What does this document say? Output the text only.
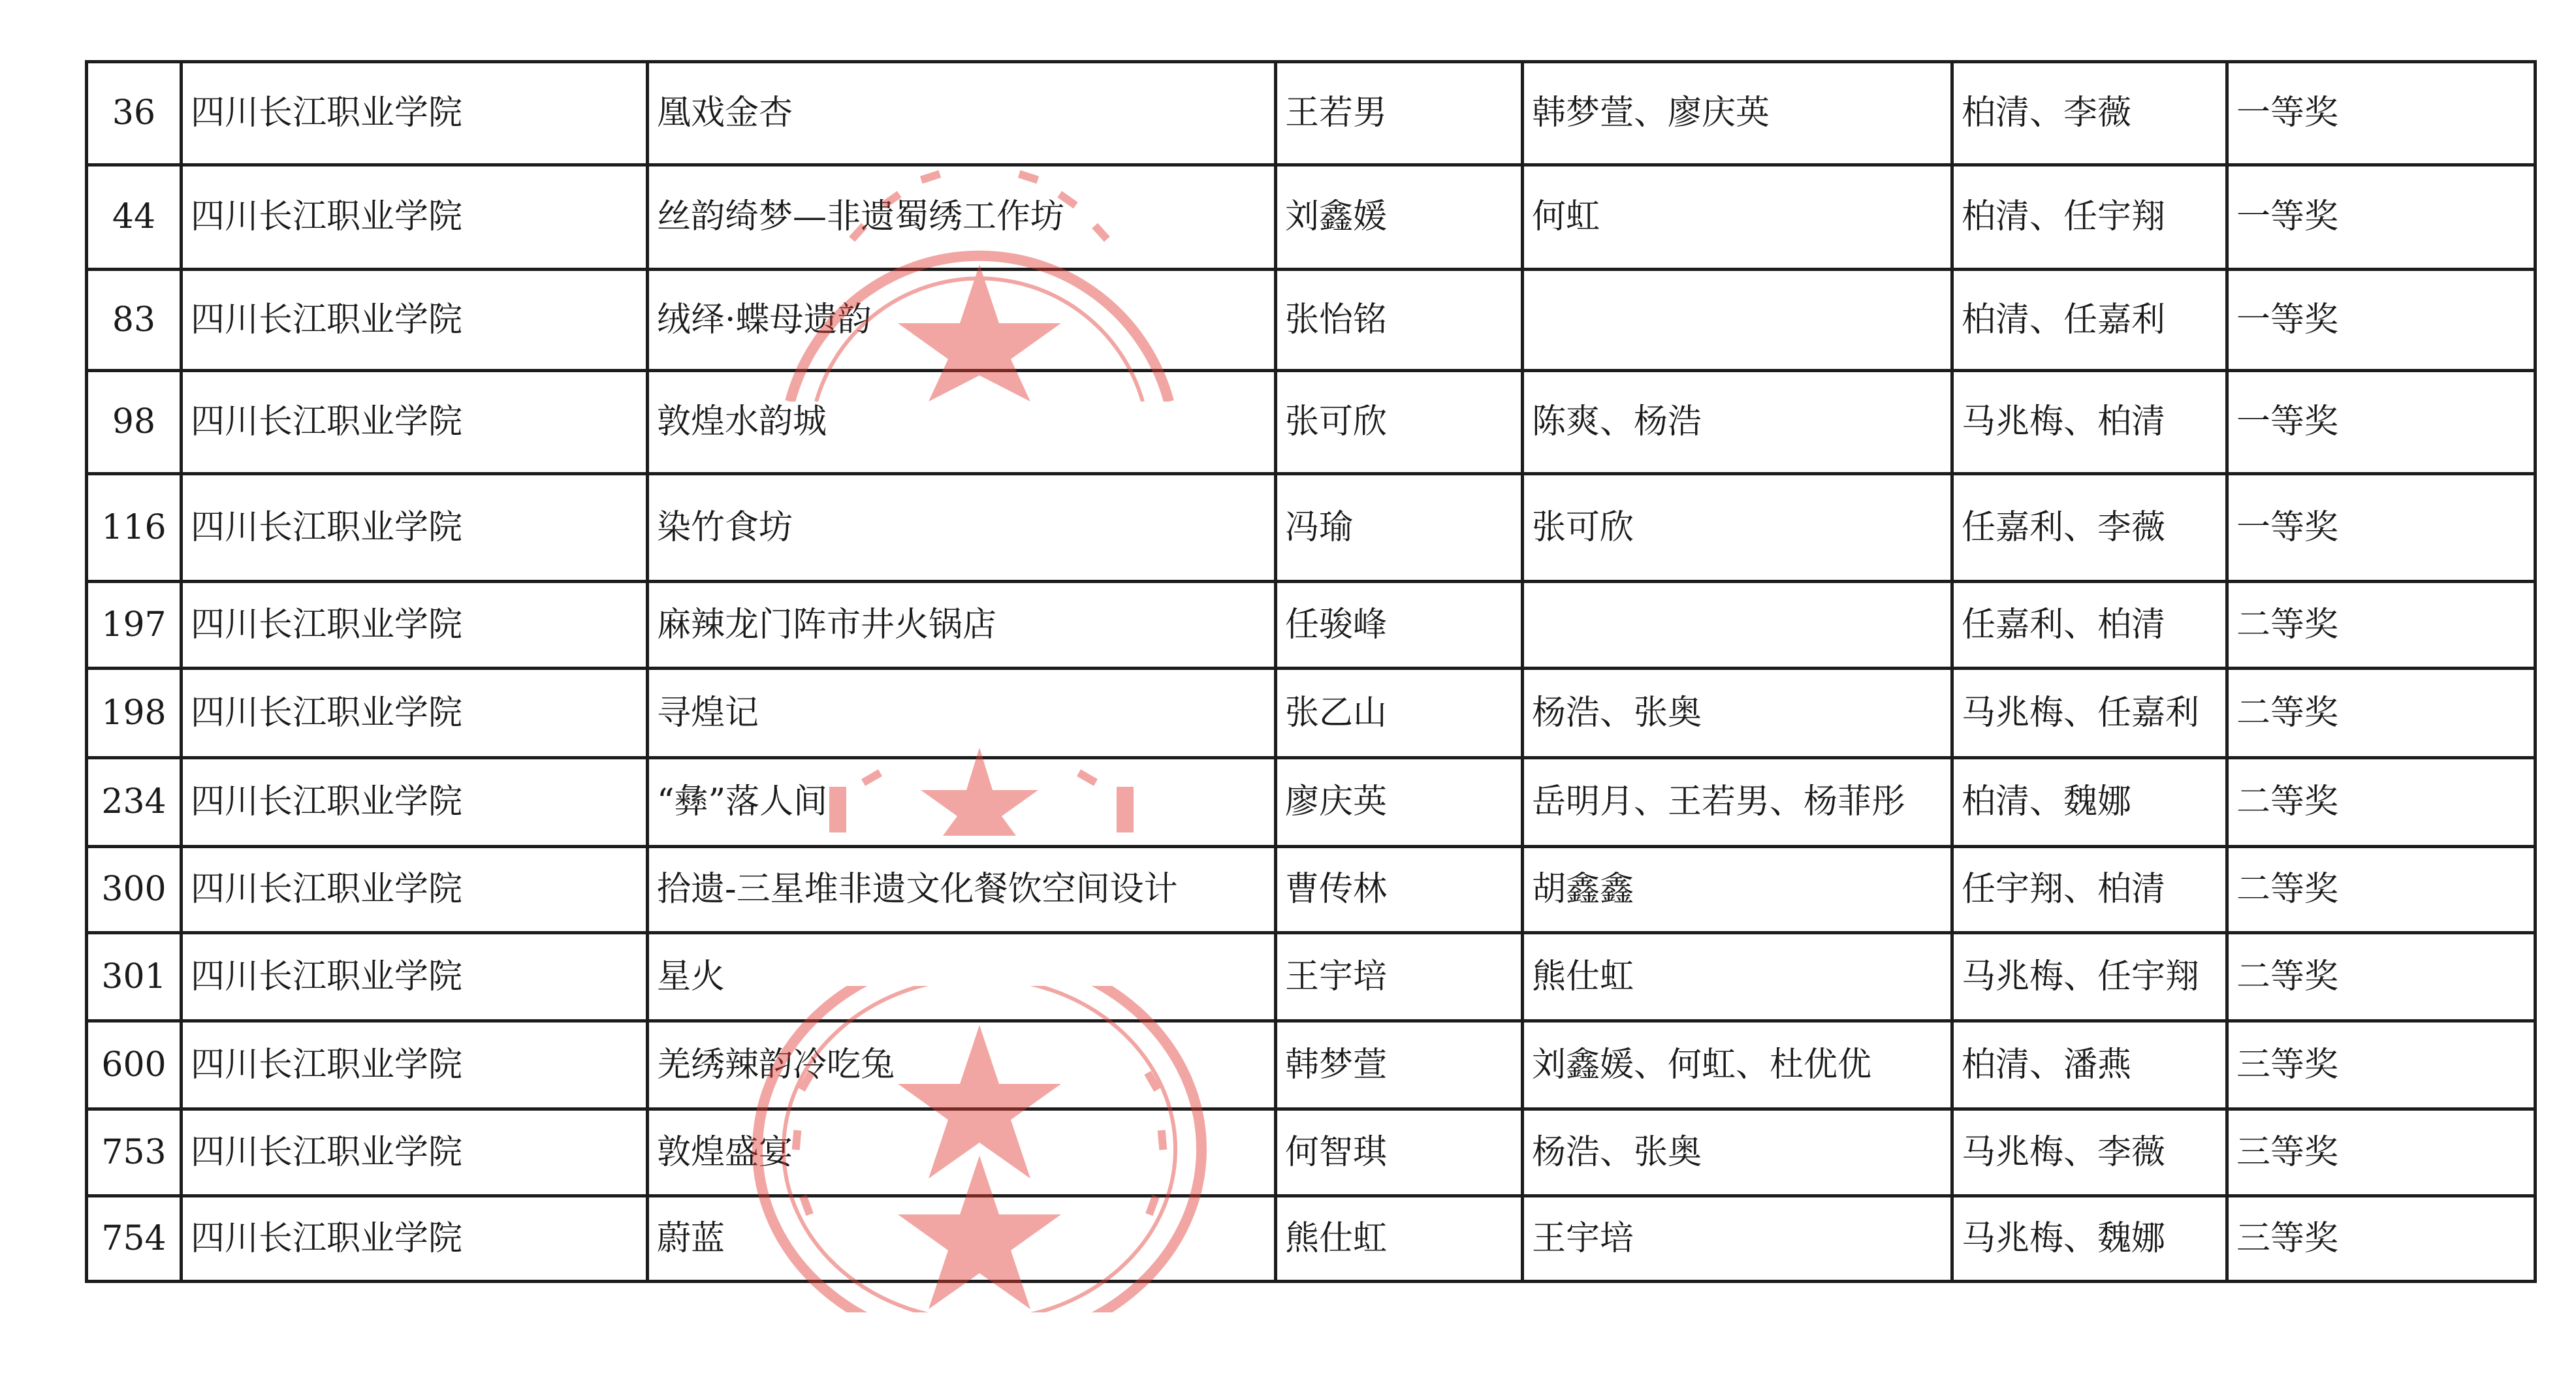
36	四川长江职业学院	凰戏金杏	王若男	韩梦萱、廖庆英	柏清、李薇	一等奖
44	四川长江职业学院	丝韵绮梦—非遗蜀绣工作坊	刘鑫媛	何虹	柏清、任宇翔	一等奖
83	四川长江职业学院	绒绎·蝶母遗韵	张怡铭		柏清、任嘉利	一等奖
98	四川长江职业学院	敦煌水韵城	张可欣	陈爽、杨浩	马兆梅、柏清	一等奖
116	四川长江职业学院	染竹食坊	冯瑜	张可欣	任嘉利、李薇	一等奖
197	四川长江职业学院	麻辣龙门阵市井火锅店	任骏峰		任嘉利、柏清	二等奖
198	四川长江职业学院	寻煌记	张乙山	杨浩、张奥	马兆梅、任嘉利	二等奖
234	四川长江职业学院	“彝”落人间	廖庆英	岳明月、王若男、杨菲彤	柏清、魏娜	二等奖
300	四川长江职业学院	拾遗-三星堆非遗文化餐饮空间设计	曹传林	胡鑫鑫	任宇翔、柏清	二等奖
301	四川长江职业学院	星火	王宇培	熊仕虹	马兆梅、任宇翔	二等奖
600	四川长江职业学院	羌绣辣韵冷吃兔	韩梦萱	刘鑫媛、何虹、杜优优	柏清、潘燕	三等奖
753	四川长江职业学院	敦煌盛宴	何智琪	杨浩、张奥	马兆梅、李薇	三等奖
754	四川长江职业学院	蔚蓝	熊仕虹	王宇培	马兆梅、魏娜	三等奖
